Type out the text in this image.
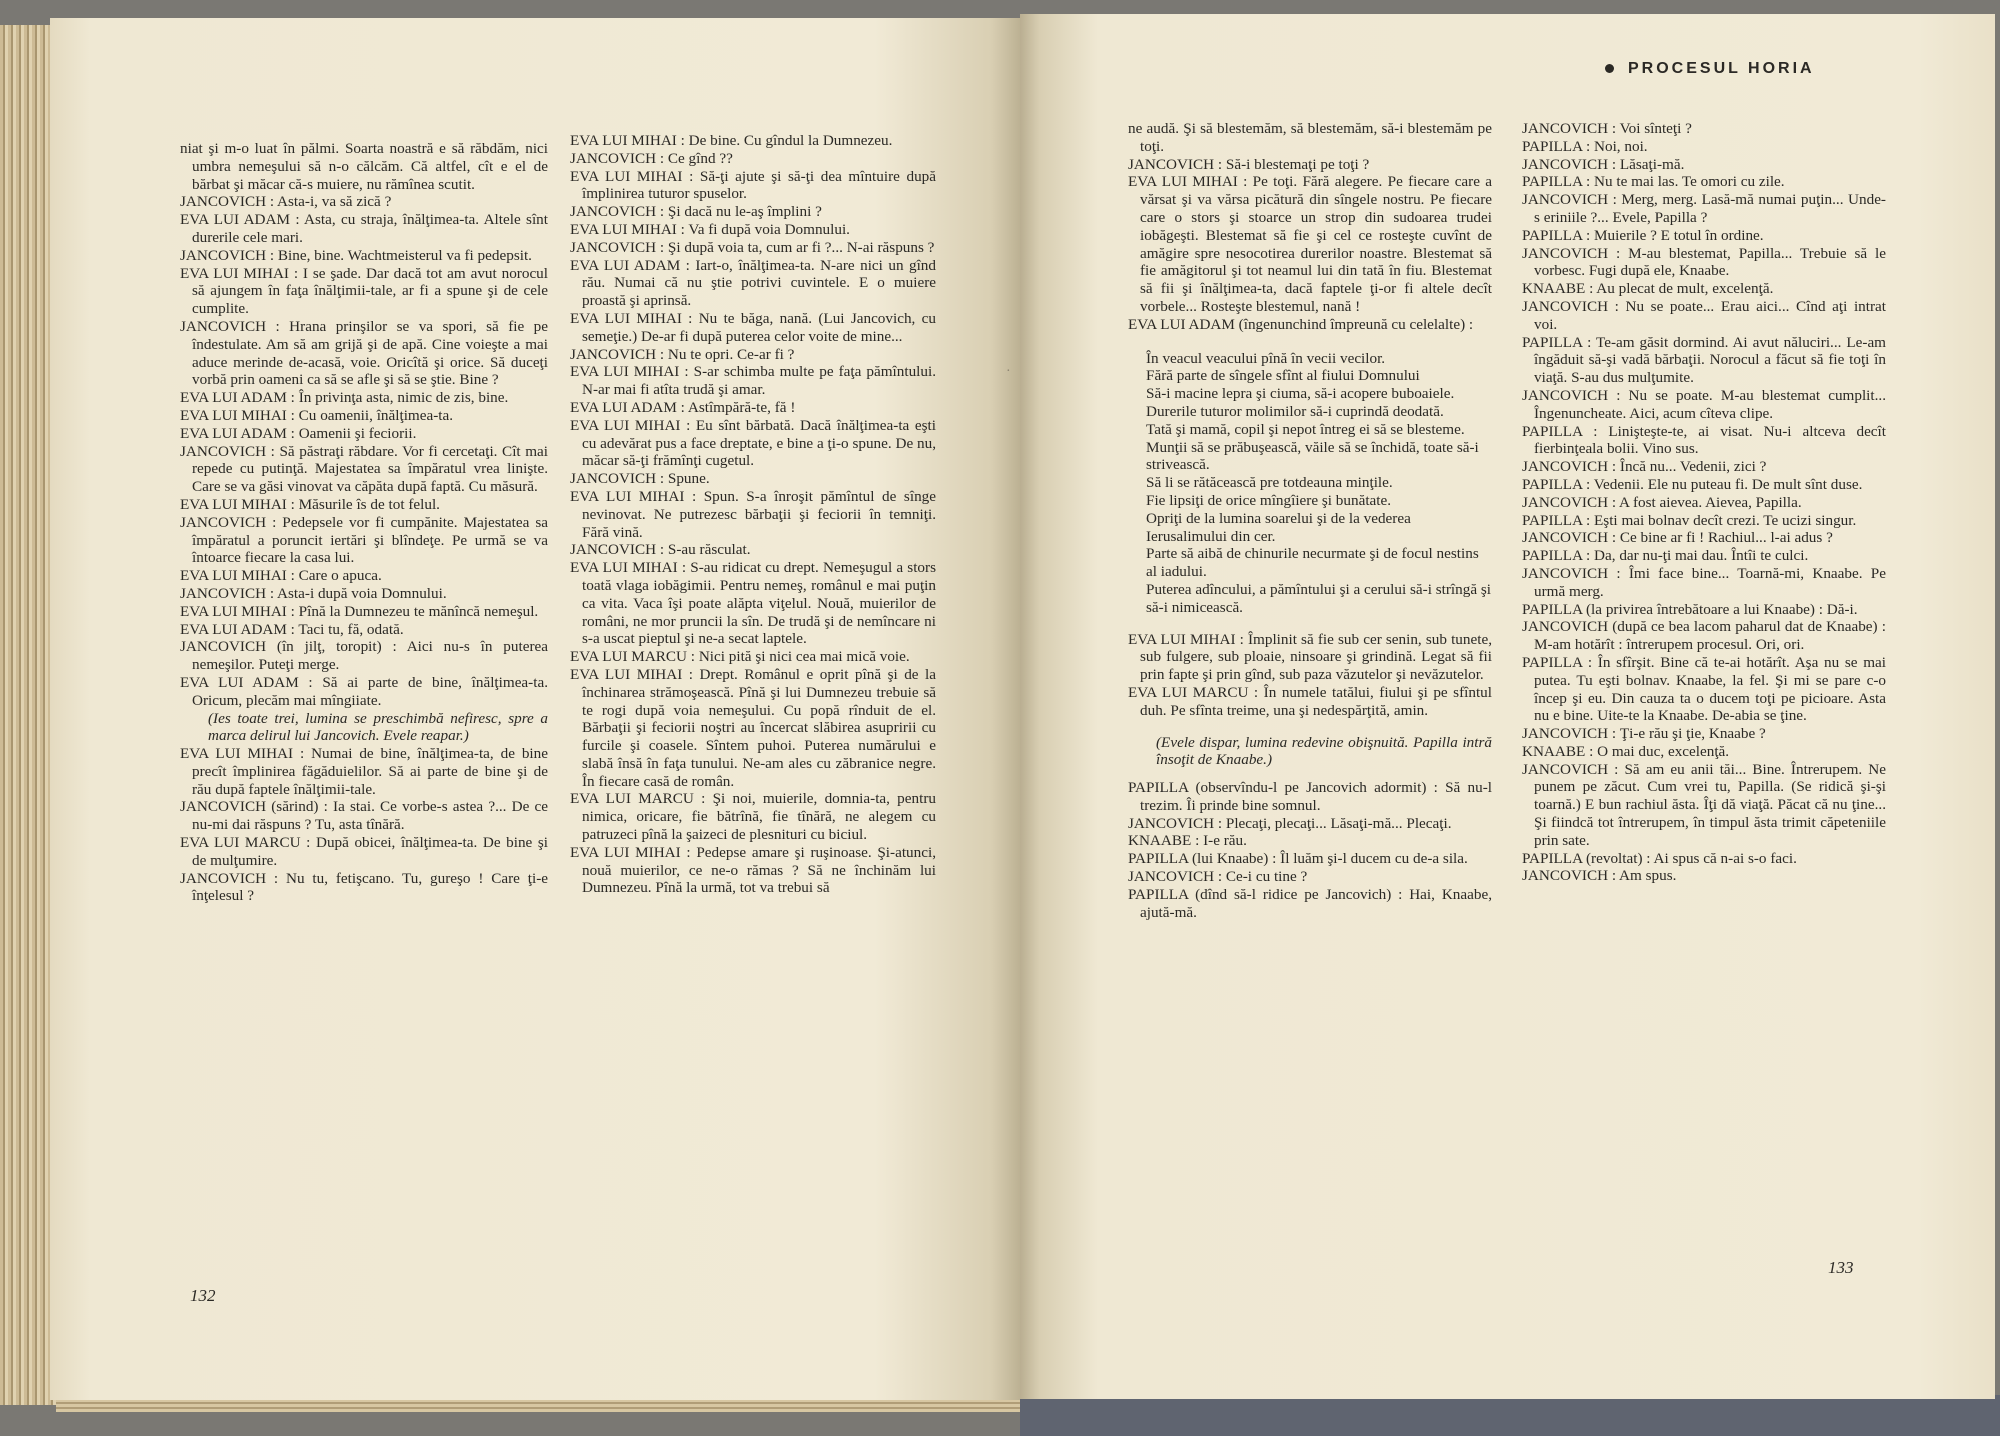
niat şi m-o luat în pălmi. Soarta noastră e să răbdăm, nici umbra nemeşului să n-o călcăm. Că altfel, cît e el de bărbat şi măcar că-s muiere, nu rămînea scutit.

JANCOVICH : Asta-i, va să zică ?

EVA LUI ADAM : Asta, cu straja, înălţimea-ta. Altele sînt durerile cele mari.

JANCOVICH : Bine, bine. Wachtmeisterul va fi pedepsit.

EVA LUI MIHAI : I se şade. Dar dacă tot am avut norocul să ajungem în faţa înălţimii-tale, ar fi a spune şi de cele cumplite.

JANCOVICH : Hrana prinşilor se va spori, să fie pe îndestulate. Am să am grijă şi de apă. Cine voieşte a mai aduce merinde de-acasă, voie. Oricîtă şi orice. Să duceţi vorbă prin oameni ca să se afle şi să se ştie. Bine ?

EVA LUI ADAM : În privinţa asta, nimic de zis, bine.

EVA LUI MIHAI : Cu oamenii, înălţimea-ta.

EVA LUI ADAM : Oamenii şi feciorii.

JANCOVICH : Să păstraţi răbdare. Vor fi cercetaţi. Cît mai repede cu putinţă. Majestatea sa împăratul vrea linişte. Care se va găsi vinovat va căpăta după faptă. Cu măsură.

EVA LUI MIHAI : Măsurile îs de tot felul.

JANCOVICH : Pedepsele vor fi cumpănite. Majestatea sa împăratul a poruncit iertări şi blîndeţe. Pe urmă se va întoarce fiecare la casa lui.

EVA LUI MIHAI : Care o apuca.

JANCOVICH : Asta-i după voia Domnului.

EVA LUI MIHAI : Pînă la Dumnezeu te mănîncă nemeşul.

EVA LUI ADAM : Taci tu, fă, odată.

JANCOVICH (în jilţ, toropit) : Aici nu-s în puterea nemeşilor. Puteţi merge.

EVA LUI ADAM : Să ai parte de bine, înălţimea-ta. Oricum, plecăm mai mîngiiate.

(Ies toate trei, lumina se preschimbă nefiresc, spre a marca delirul lui Jancovich. Evele reapar.)

EVA LUI MIHAI : Numai de bine, înălţimea-ta, de bine precît împlinirea făgăduielilor. Să ai parte de bine şi de rău după faptele înălţimii-tale.

JANCOVICH (sărind) : Ia stai. Ce vorbe-s astea ?... De ce nu-mi dai răspuns ? Tu, asta tînără.

EVA LUI MARCU : După obicei, înălţimea-ta. De bine şi de mulţumire.

JANCOVICH : Nu tu, fetişcano. Tu, gureşo ! Care ţi-e înţelesul ?

EVA LUI MIHAI : De bine. Cu gîndul la Dumnezeu.

JANCOVICH : Ce gînd ??

EVA LUI MIHAI : Să-ţi ajute şi să-ţi dea mîntuire după împlinirea tuturor spuselor.

JANCOVICH : Şi dacă nu le-aş împlini ?

EVA LUI MIHAI : Va fi după voia Domnului.

JANCOVICH : Şi după voia ta, cum ar fi ?... N-ai răspuns ?

EVA LUI ADAM : Iart-o, înălţimea-ta. N-are nici un gînd rău. Numai că nu ştie potrivi cuvintele. E o muiere proastă şi aprinsă.

EVA LUI MIHAI : Nu te băga, nană. (Lui Jancovich, cu semeţie.) De-ar fi după puterea celor voite de mine...

JANCOVICH : Nu te opri. Ce-ar fi ?

EVA LUI MIHAI : S-ar schimba multe pe faţa pămîntului. N-ar mai fi atîta trudă şi amar.

EVA LUI ADAM : Astîmpără-te, fă !

EVA LUI MIHAI : Eu sînt bărbată. Dacă înălţimea-ta eşti cu adevărat pus a face dreptate, e bine a ţi-o spune. De nu, măcar să-ţi frămînţi cugetul.

JANCOVICH : Spune.

EVA LUI MIHAI : Spun. S-a înroşit pămîntul de sînge nevinovat. Ne putrezesc bărbaţii şi feciorii în temniţi. Fără vină.

JANCOVICH : S-au răsculat.

EVA LUI MIHAI : S-au ridicat cu drept. Nemeşugul a stors toată vlaga iobăgimii. Pentru nemeş, românul e mai puţin ca vita. Vaca îşi poate alăpta viţelul. Nouă, muierilor de români, ne mor pruncii la sîn. De trudă şi de nemîncare ni s-a uscat pieptul şi ne-a secat laptele.

EVA LUI MARCU : Nici pită şi nici cea mai mică voie.

EVA LUI MIHAI : Drept. Românul e oprit pînă şi de la închinarea strămoşească. Pînă şi lui Dumnezeu trebuie să te rogi după voia nemeşului. Cu popă rînduit de el. Bărbaţii şi feciorii noştri au încercat slăbirea asupririi cu furcile şi coasele. Sîntem puhoi. Puterea numărului e slabă însă în faţa tunului. Ne-am ales cu zăbranice negre. În fiecare casă de român.

EVA LUI MARCU : Şi noi, muierile, domnia-ta, pentru nimica, oricare, fie bătrînă, fie tînără, ne alegem cu patruzeci pînă la şaizeci de plesnituri cu biciul.

EVA LUI MIHAI : Pedepse amare şi ruşinoase. Şi-atunci, nouă muierilor, ce ne-o rămas ? Să ne închinăm lui Dumnezeu. Pînă la urmă, tot va trebui să

132
PROCESUL HORIA

ne audă. Şi să blestemăm, să blestemăm, să-i blestemăm pe toţi.

JANCOVICH : Să-i blestemaţi pe toţi ?

EVA LUI MIHAI : Pe toţi. Fără alegere. Pe fiecare care a vărsat şi va vărsa picătură din sîngele nostru. Pe fiecare care o stors şi stoarce un strop din sudoarea trudei iobăgeşti. Blestemat să fie şi cel ce rosteşte cuvînt de amăgire spre nesocotirea durerilor noastre. Blestemat să fie amăgitorul şi tot neamul lui din tată în fiu. Blestemat să fii şi înălţimea-ta, dacă faptele ţi-or fi altele decît vorbele... Rosteşte blestemul, nană !

EVA LUI ADAM (îngenunchind împreună cu celelalte) :

În veacul veacului pînă în vecii vecilor.

Fără parte de sîngele sfînt al fiului Domnului

Să-i macine lepra şi ciuma, să-i acopere buboaiele.

Durerile tuturor molimilor să-i cuprindă deodată.

Tată şi mamă, copil şi nepot întreg ei să se blesteme.

Munţii să se prăbuşească, văile să se închidă, toate să-i strivească.

Să li se rătăcească pre totdeauna minţile.

Fie lipsiţi de orice mîngîiere şi bunătate.

Opriţi de la lumina soarelui şi de la vederea Ierusalimului din cer.

Parte să aibă de chinurile necurmate şi de focul nestins al iadului.

Puterea adîncului, a pămîntului şi a cerului să-i strîngă şi să-i nimicească.

EVA LUI MIHAI : Împlinit să fie sub cer senin, sub tunete, sub fulgere, sub ploaie, ninsoare şi grindină. Legat să fii prin fapte şi prin gînd, sub paza văzutelor şi nevăzutelor.

EVA LUI MARCU : În numele tatălui, fiului şi pe sfîntul duh. Pe sfînta treime, una şi nedespărţită, amin.

(Evele dispar, lumina redevine obişnuită. Papilla intră însoţit de Knaabe.)

PAPILLA (observîndu-l pe Jancovich adormit) : Să nu-l trezim. Îi prinde bine somnul.

JANCOVICH : Plecaţi, plecaţi... Lăsaţi-mă... Plecaţi.

KNAABE : I-e rău.

PAPILLA (lui Knaabe) : Îl luăm şi-l ducem cu de-a sila.

JANCOVICH : Ce-i cu tine ?

PAPILLA (dînd să-l ridice pe Jancovich) : Hai, Knaabe, ajută-mă.

JANCOVICH : Voi sînteţi ?

PAPILLA : Noi, noi.

JANCOVICH : Lăsaţi-mă.

PAPILLA : Nu te mai las. Te omori cu zile.

JANCOVICH : Merg, merg. Lasă-mă numai puţin... Unde-s eriniile ?... Evele, Papilla ?

PAPILLA : Muierile ? E totul în ordine.

JANCOVICH : M-au blestemat, Papilla... Trebuie să le vorbesc. Fugi după ele, Knaabe.

KNAABE : Au plecat de mult, excelenţă.

JANCOVICH : Nu se poate... Erau aici... Cînd aţi intrat voi.

PAPILLA : Te-am găsit dormind. Ai avut năluciri... Le-am îngăduit să-şi vadă bărbaţii. Norocul a făcut să fie toţi în viaţă. S-au dus mulţumite.

JANCOVICH : Nu se poate. M-au blestemat cumplit... Îngenuncheate. Aici, acum cîteva clipe.

PAPILLA : Linişteşte-te, ai visat. Nu-i altceva decît fierbinţeala bolii. Vino sus.

JANCOVICH : Încă nu... Vedenii, zici ?

PAPILLA : Vedenii. Ele nu puteau fi. De mult sînt duse.

JANCOVICH : A fost aievea. Aievea, Papilla.

PAPILLA : Eşti mai bolnav decît crezi. Te ucizi singur.

JANCOVICH : Ce bine ar fi ! Rachiul... l-ai adus ?

PAPILLA : Da, dar nu-ţi mai dau. Întîi te culci.

JANCOVICH : Îmi face bine... Toarnă-mi, Knaabe. Pe urmă merg.

PAPILLA (la privirea întrebătoare a lui Knaabe) : Dă-i.

JANCOVICH (după ce bea lacom paharul dat de Knaabe) : M-am hotărît : întrerupem procesul. Ori, ori.

PAPILLA : În sfîrşit. Bine că te-ai hotărît. Aşa nu se mai putea. Tu eşti bolnav. Knaabe, la fel. Şi mi se pare c-o încep şi eu. Din cauza ta o ducem toţi pe picioare. Asta nu e bine. Uite-te la Knaabe. De-abia se ţine.

JANCOVICH : Ţi-e rău şi ţie, Knaabe ?

KNAABE : O mai duc, excelenţă.

JANCOVICH : Să am eu anii tăi... Bine. Întrerupem. Ne punem pe zăcut. Cum vrei tu, Papilla. (Se ridică şi-şi toarnă.) E bun rachiul ăsta. Îţi dă viaţă. Păcat că nu ţine... Şi fiindcă tot întrerupem, în timpul ăsta trimit căpeteniile prin sate.

PAPILLA (revoltat) : Ai spus că n-ai s-o faci.

JANCOVICH : Am spus.

133
·
